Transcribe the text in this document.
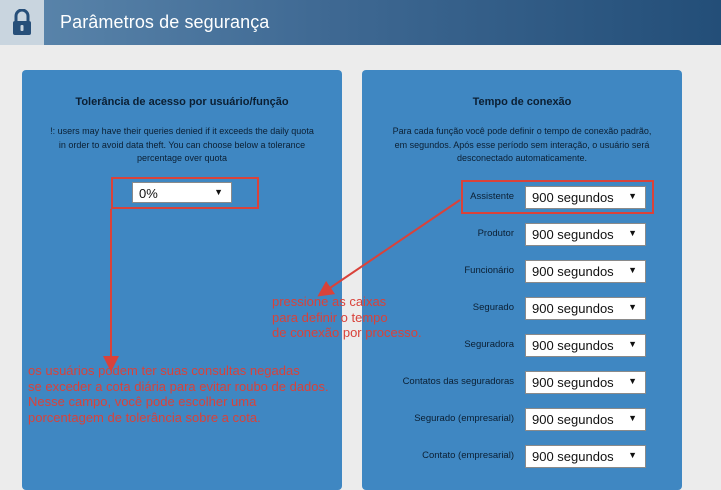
Parâmetros de segurança
Tolerância de acesso por usuário/função
!: users may have their queries denied if it exceeds the daily quota
in order to avoid data theft. You can choose below a tolerance
percentage over quota
0%	▼
Tempo de conexão
Para cada função você pode definir o tempo de conexão padrão,
em segundos. Após esse período sem interação, o usuário será
desconectado automaticamente.
Assistente 900 segundos ▼
Produtor 900 segundos ▼
Funcionário 900 segundos ▼
Segurado 900 segundos ▼
Seguradora 900 segundos ▼
Contatos das seguradoras 900 segundos ▼
Segurado (empresarial) 900 segundos ▼
Contato (empresarial) 900 segundos ▼
pressione as caixas
para definir o tempo
de conexão por processo.
os usuários podem ter suas consultas negadas
se exceder a cota diária para evitar roubo de dados.
Nesse campo, você pode escolher uma
porcentagem de tolerância sobre a cota.
